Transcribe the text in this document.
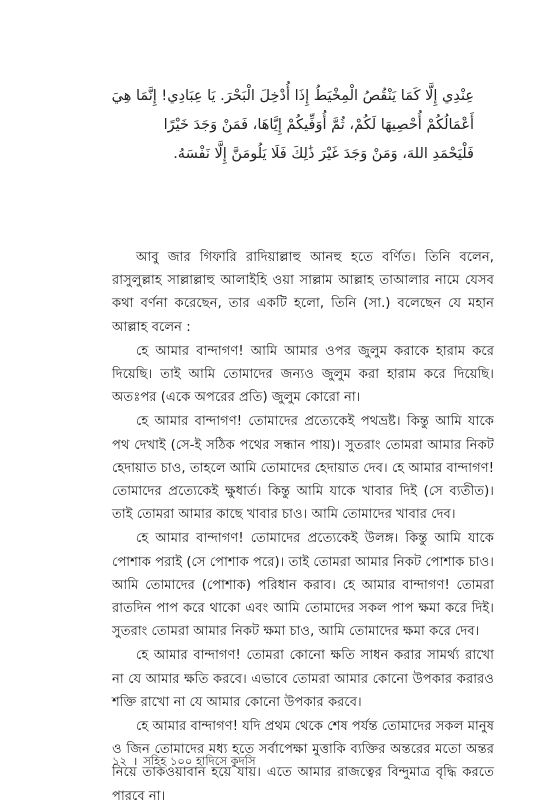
عِنْدِي إِلَّا كَمَا يَنْقُصُ الْمِخْيَطُ إِذَا أُدْخِلَ الْبَحْرَ. يَا عِبَادِي! إِنَّمَا هِيَ
أَعْمَالُكُمْ أُحْصِيهَا لَكُمْ، ثُمَّ أُوَفِّيكُمْ إِيَّاهَا، فَمَنْ وَجَدَ خَيْرًا
فَلْيَحْمَدِ اللهَ، وَمَنْ وَجَدَ غَيْرَ ذَٰلِكَ فَلَا يَلُومَنَّ إِلَّا نَفْسَهُ.

আবু জার গিফারি রাদিয়াল্লাহু আনহু হতে বর্ণিত। তিনি বলেন, রাসুলুল্লাহ সাল্লাল্লাহু আলাইহি ওয়া সাল্লাম আল্লাহ তাআলার নামে যেসব কথা বর্ণনা করেছেন, তার একটি হলো, তিনি (সা.) বলেছেন যে মহান আল্লাহ বলেন :

হে আমার বান্দাগণ! আমি আমার ওপর জুলুম করাকে হারাম করে দিয়েছি। তাই আমি তোমাদের জন্যও জুলুম করা হারাম করে দিয়েছি। অতঃপর (একে অপরের প্রতি) জুলুম কোরো না।

হে আমার বান্দাগণ! তোমাদের প্রত্যেকেই পথভ্রষ্ট। কিন্তু আমি যাকে পথ দেখাই (সে-ই সঠিক পথের সন্ধান পায়)। সুতরাং তোমরা আমার নিকট হেদায়াত চাও, তাহলে আমি তোমাদের হেদায়াত দেব। হে আমার বান্দাগণ! তোমাদের প্রত্যেকেই ক্ষুধার্ত। কিন্তু আমি যাকে খাবার দিই (সে ব্যতীত)। তাই তোমরা আমার কাছে খাবার চাও। আমি তোমাদের খাবার দেব।

হে আমার বান্দাগণ! তোমাদের প্রত্যেকেই উলঙ্গ। কিন্তু আমি যাকে পোশাক পরাই (সে পোশাক পরে)। তাই তোমরা আমার নিকট পোশাক চাও। আমি তোমাদের (পোশাক) পরিধান করাব। হে আমার বান্দাগণ! তোমরা রাতদিন পাপ করে থাকো এবং আমি তোমাদের সকল পাপ ক্ষমা করে দিই। সুতরাং তোমরা আমার নিকট ক্ষমা চাও, আমি তোমাদের ক্ষমা করে দেব।

হে আমার বান্দাগণ! তোমরা কোনো ক্ষতি সাধন করার সামর্থ্য রাখো না যে আমার ক্ষতি করবে। এভাবে তোমরা আমার কোনো উপকার করারও শক্তি রাখো না যে আমার কোনো উপকার করবে।

হে আমার বান্দাগণ! যদি প্রথম থেকে শেষ পর্যন্ত তোমাদের সকল মানুষ ও জিন তোমাদের মধ্য হতে সর্বাপেক্ষা মুত্তাকি ব্যক্তির অন্তরের মতো অন্তর নিয়ে তাকওয়াবান হয়ে যায়। এতে আমার রাজত্বের বিন্দুমাত্র বৃদ্ধি করতে পারবে না।

১২ । সহিহ ১০০ হাদিসে কুদসি
